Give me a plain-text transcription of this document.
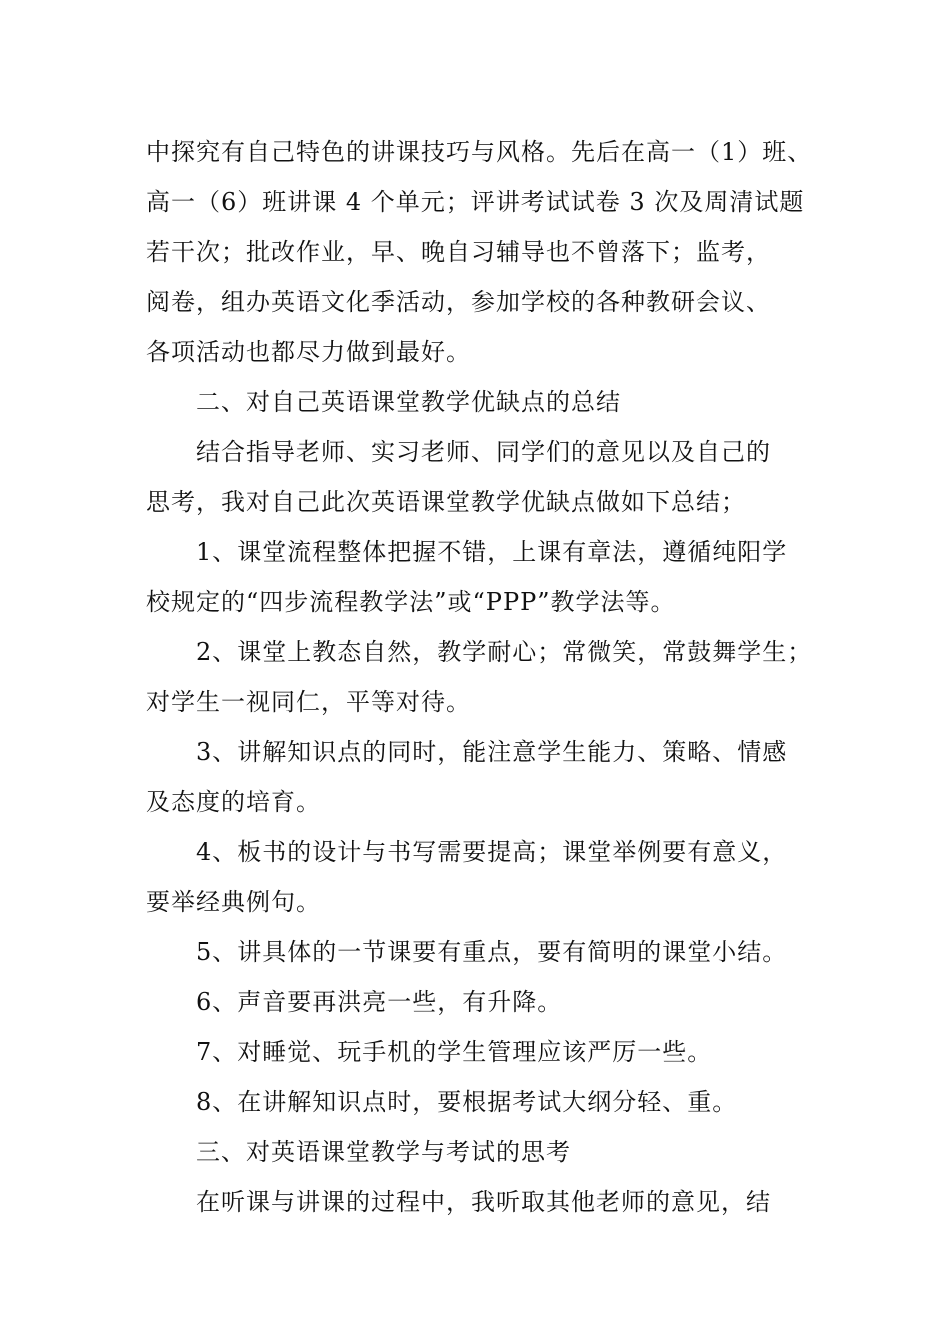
中探究有自己特色的讲课技巧与风格。先后在高一（1）班、
高一（6）班讲课 4 个单元；评讲考试试卷 3 次及周清试题
若干次；批改作业，早、晚自习辅导也不曾落下；监考，
阅卷，组办英语文化季活动，参加学校的各种教研会议、
各项活动也都尽力做到最好。

二、对自己英语课堂教学优缺点的总结

结合指导老师、实习老师、同学们的意见以及自己的
思考，我对自己此次英语课堂教学优缺点做如下总结；

1、课堂流程整体把握不错，上课有章法，遵循纯阳学
校规定的“四步流程教学法”或“PPP”教学法等。

2、课堂上教态自然，教学耐心；常微笑，常鼓舞学生；
对学生一视同仁，平等对待。

3、讲解知识点的同时，能注意学生能力、策略、情感
及态度的培育。

4、板书的设计与书写需要提高；课堂举例要有意义，
要举经典例句。

5、讲具体的一节课要有重点，要有简明的课堂小结。

6、声音要再洪亮一些，有升降。

7、对睡觉、玩手机的学生管理应该严厉一些。

8、在讲解知识点时，要根据考试大纲分轻、重。

三、对英语课堂教学与考试的思考

在听课与讲课的过程中，我听取其他老师的意见，结
